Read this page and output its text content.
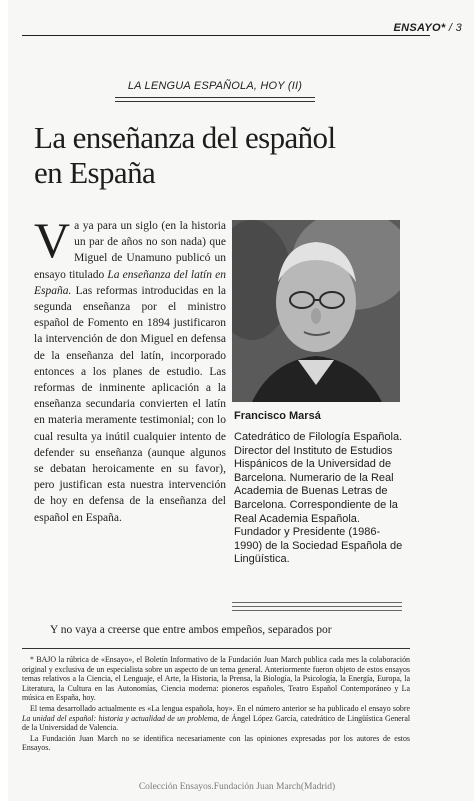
ENSAYO* / 3
LA LENGUA ESPAÑOLA, HOY (II)
La enseñanza del español
en España

Va ya para un siglo (en la historia un par de años no son nada) que Miguel de Unamuno publicó un ensayo titulado La enseñanza del latín en España. Las reformas introducidas en la segunda enseñanza por el ministro español de Fomento en 1894 justificaron la intervención de don Miguel en defensa de la enseñanza del latín, incorporado entonces a los planes de estudio. Las reformas de inminente aplicación a la enseñanza secundaria convierten el latín en materia meramente testimonial; con lo cual resulta ya inútil cualquier intento de defender su enseñanza (aunque algunos se debatan heroicamente en su favor), pero justifican esta nuestra intervención de hoy en defensa de la enseñanza del español en España.

Francisco Marsá
Catedrático de Filología Española. Director del Instituto de Estudios Hispánicos de la Universidad de Barcelona. Numerario de la Real Academia de Buenas Letras de Barcelona. Correspondiente de la Real Academia Española. Fundador y Presidente (1986-1990) de la Sociedad Española de Lingüística.
Y no vaya a creerse que entre ambos empeños, separados por

* BAJO la rúbrica de «Ensayo», el Boletín Informativo de la Fundación Juan March publica cada mes la colaboración original y exclusiva de un especialista sobre un aspecto de un tema general. Anteriormente fueron objeto de estos ensayos temas relativos a la Ciencia, el Lenguaje, el Arte, la Historia, la Prensa, la Biología, la Psicología, la Energía, Europa, la Literatura, la Cultura en las Autonomías, Ciencia moderna: pioneros españoles, Teatro Español Contemporáneo y La música en España, hoy.

El tema desarrollado actualmente es «La lengua española, hoy». En el número anterior se ha publicado el ensayo sobre La unidad del español: historia y actualidad de un problema, de Ángel López García, catedrático de Lingüística General de la Universidad de Valencia.

La Fundación Juan March no se identifica necesariamente con las opiniones expresadas por los autores de estos Ensayos.

Colección Ensayos.Fundación Juan March(Madrid)
